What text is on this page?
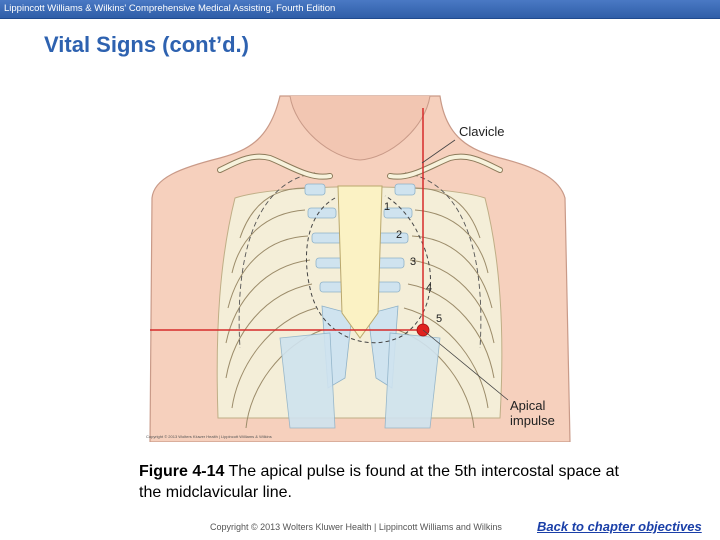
Lippincott Williams & Wilkins' Comprehensive Medical Assisting, Fourth Edition
Vital Signs (cont’d.)
Clavicle
Apical
impulse
1
2
3
4
5
Copyright © 2013 Wolters Kluwer Health | Lippincott Williams & Wilkins
Figure 4-14 The apical pulse is found at the 5th intercostal space at the midclavicular line.
Copyright © 2013 Wolters Kluwer Health | Lippincott Williams and Wilkins	Back to chapter objectives
